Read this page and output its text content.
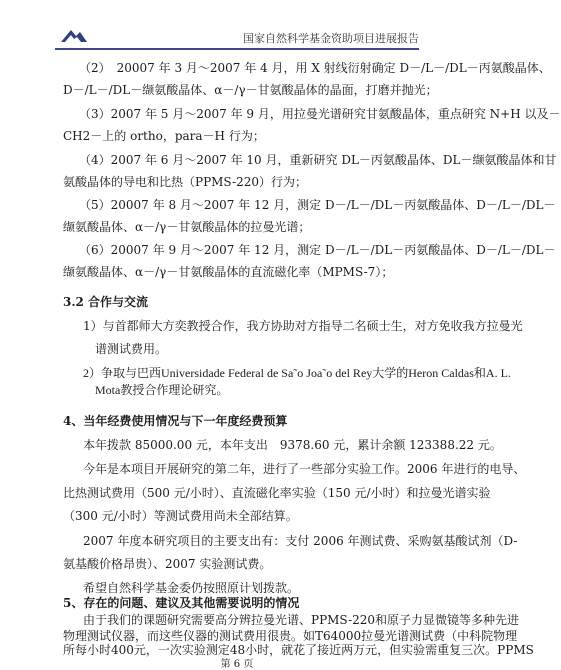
国家自然科学基金资助项目进展报告
（2）　20007 年 3 月～2007 年 4 月，用 X 射线衍射确定 D－/L－/DL－丙氨酸晶体、
D－/L－/DL－缬氨酸晶体、α－/γ－甘氨酸晶体的晶面，打磨并抛光；
（3）2007 年 5 月～2007 年 9 月，用拉曼光谱研究甘氨酸晶体，重点研究 N+H 以及－
CH2－上的 ortho，para－H 行为；
（4）2007 年 6 月～2007 年 10 月，重新研究 DL－丙氨酸晶体、DL－缬氨酸晶体和甘
氨酸晶体的导电和比热（PPMS-220）行为；
（5）20007 年 8 月～2007 年 12 月，测定 D－/L－/DL－丙氨酸晶体、D－/L－/DL－
缬氨酸晶体、α－/γ－甘氨酸晶体的拉曼光谱；
（6）20007 年 9 月～2007 年 12 月，测定 D－/L－/DL－丙氨酸晶体、D－/L－/DL－
缬氨酸晶体、α－/γ－甘氨酸晶体的直流磁化率（MPMS-7）；
3.2 合作与交流
1）与首都师大方奕教授合作，我方协助对方指导二名硕士生，对方免收我方拉曼光
谱测试费用。
2）争取与巴西Universidade Federal de Sa˜o Joa˜o del Rey大学的Heron Caldas和A. L.
Mota教授合作理论研究。
4、当年经费使用情况与下一年度经费预算
本年拨款 85000.00 元，本年支出　9378.60 元，累计余额 123388.22 元。
今年是本项目开展研究的第二年，进行了一些部分实验工作。2006 年进行的电导、
比热测试费用（500 元/小时）、直流磁化率实验（150 元/小时）和拉曼光谱实验
（300 元/小时）等测试费用尚未全部结算。
2007 年度本研究项目的主要支出有：支付 2006 年测试费、采购氨基酸试剂（D-
氨基酸价格昂贵）、2007 实验测试费。
希望自然科学基金委仍按照原计划拨款。
5、存在的问题、建议及其他需要说明的情况
由于我们的课题研究需要高分辨拉曼光谱、PPMS-220和原子力显微镜等多种先进
物理测试仪器，而这些仪器的测试费用很贵。如T64000拉曼光谱测试费（中科院物理
所每小时400元，一次实验测定48小时，就花了接近两万元，但实验需重复三次。PPMS
第 6 页
